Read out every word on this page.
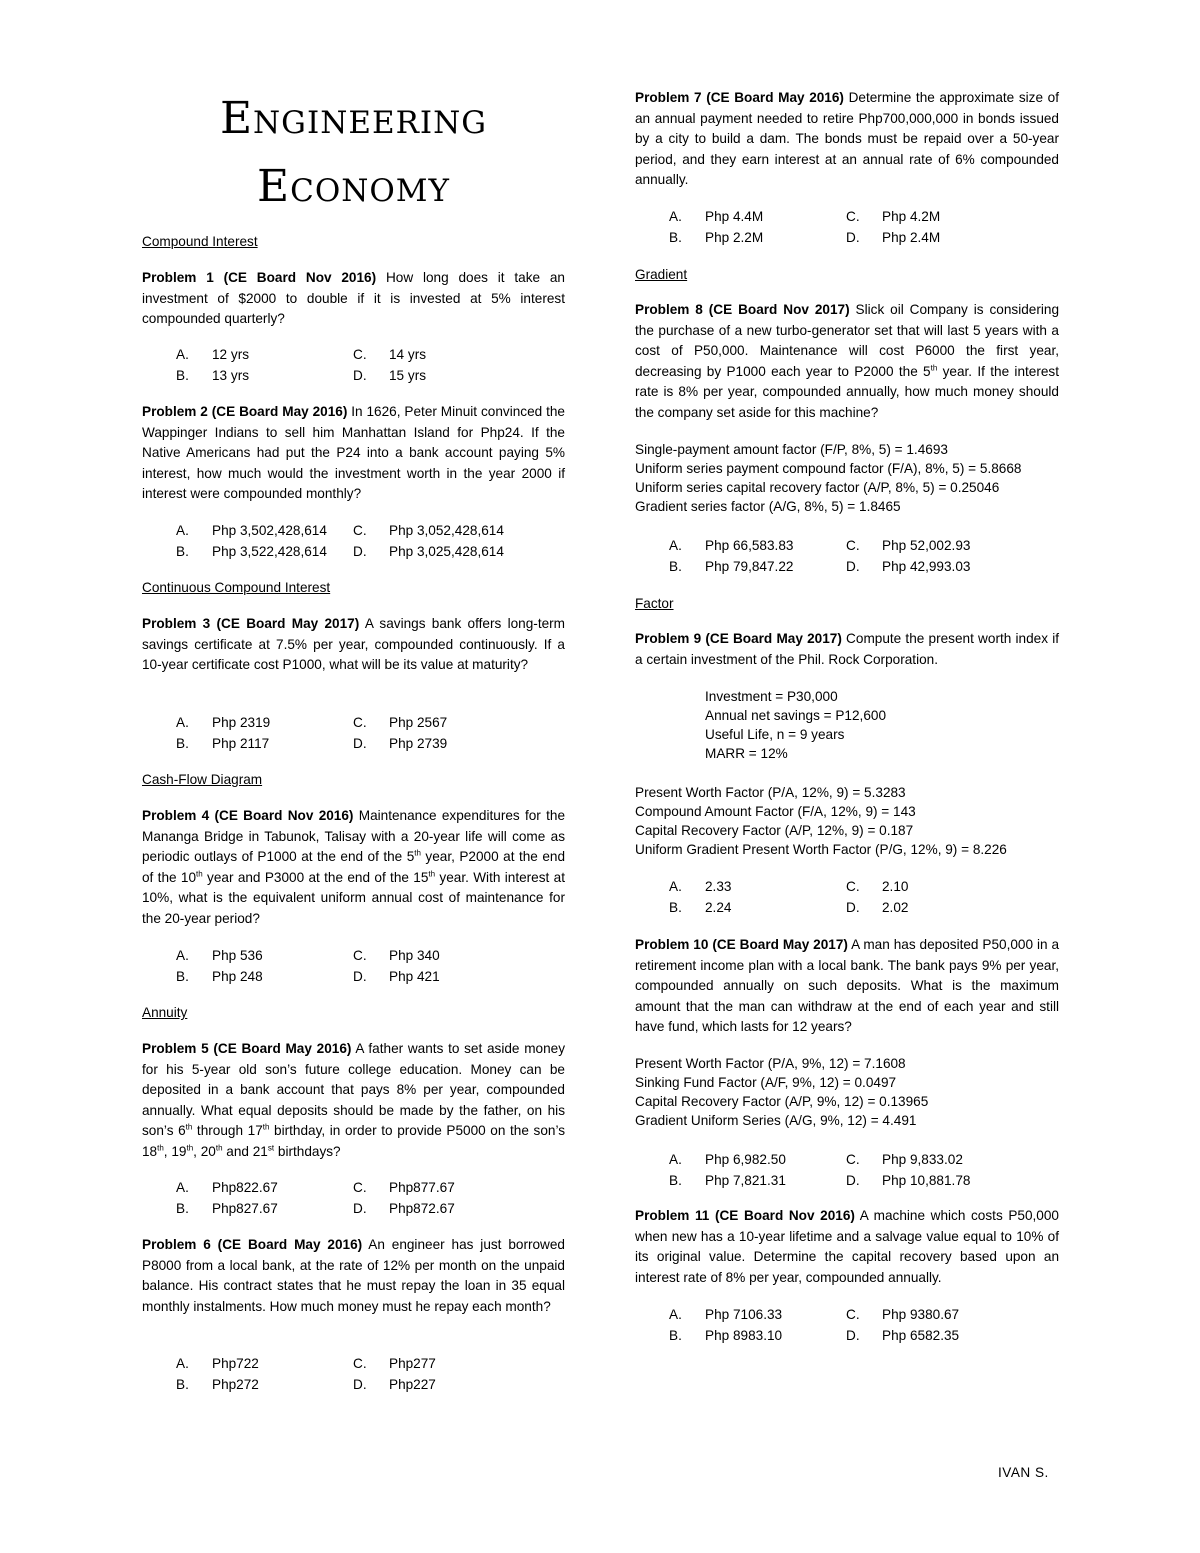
Engineering
Economy
Compound Interest
Problem 1 (CE Board Nov 2016) How long does it take an investment of $2000 to double if it is invested at 5% interest compounded quarterly?
A. 12 yrs	C. 14 yrs
B. 13 yrs	D. 15 yrs
Problem 2 (CE Board May 2016) In 1626, Peter Minuit convinced the Wappinger Indians to sell him Manhattan Island for Php24. If the Native Americans had put the P24 into a bank account paying 5% interest, how much would the investment worth in the year 2000 if interest were compounded monthly?
A. Php 3,502,428,614 C. Php 3,052,428,614
B. Php 3,522,428,614 D. Php 3,025,428,614
Continuous Compound Interest
Problem 3 (CE Board May 2017) A savings bank offers long-term savings certificate at 7.5% per year, compounded continuously. If a 10-year certificate cost P1000, what will be its value at maturity?
A. Php 2319	C. Php 2567
B. Php 2117	D. Php 2739
Cash-Flow Diagram
Problem 4 (CE Board Nov 2016) Maintenance expenditures for the Mananga Bridge in Tabunok, Talisay with a 20-year life will come as periodic outlays of P1000 at the end of the 5th year, P2000 at the end of the 10th year and P3000 at the end of the 15th year. With interest at 10%, what is the equivalent uniform annual cost of maintenance for the 20-year period?
A. Php 536	C. Php 340
B. Php 248	D. Php 421
Annuity
Problem 5 (CE Board May 2016) A father wants to set aside money for his 5-year old son’s future college education. Money can be deposited in a bank account that pays 8% per year, compounded annually. What equal deposits should be made by the father, on his son’s 6th through 17th birthday, in order to provide P5000 on the son’s 18th, 19th, 20th and 21st birthdays?
A. Php822.67	C. Php877.67
B. Php827.67	D. Php872.67
Problem 6 (CE Board May 2016) An engineer has just borrowed P8000 from a local bank, at the rate of 12% per month on the unpaid balance. His contract states that he must repay the loan in 35 equal monthly instalments. How much money must he repay each month?
A. Php722	C. Php277
B. Php272	D. Php227
Problem 7 (CE Board May 2016) Determine the approximate size of an annual payment needed to retire Php700,000,000 in bonds issued by a city to build a dam. The bonds must be repaid over a 50-year period, and they earn interest at an annual rate of 6% compounded annually.
A. Php 4.4M	C. Php 4.2M
B. Php 2.2M	D. Php 2.4M
Gradient
Problem 8 (CE Board Nov 2017) Slick oil Company is considering the purchase of a new turbo-generator set that will last 5 years with a cost of P50,000. Maintenance will cost P6000 the first year, decreasing by P1000 each year to P2000 the 5th year. If the interest rate is 8% per year, compounded annually, how much money should the company set aside for this machine?
Single-payment amount factor (F/P, 8%, 5) = 1.4693
Uniform series payment compound factor (F/A), 8%, 5) = 5.8668
Uniform series capital recovery factor (A/P, 8%, 5) = 0.25046
Gradient series factor (A/G, 8%, 5) = 1.8465
A. Php 66,583.83	C. Php 52,002.93
B. Php 79,847.22	D. Php 42,993.03
Factor
Problem 9 (CE Board May 2017) Compute the present worth index if a certain investment of the Phil. Rock Corporation.
Investment = P30,000
Annual net savings = P12,600
Useful Life, n = 9 years
MARR = 12%
Present Worth Factor (P/A, 12%, 9) = 5.3283
Compound Amount Factor (F/A, 12%, 9) = 143
Capital Recovery Factor (A/P, 12%, 9) = 0.187
Uniform Gradient Present Worth Factor (P/G, 12%, 9) = 8.226
A. 2.33	C. 2.10
B. 2.24	D. 2.02
Problem 10 (CE Board May 2017) A man has deposited P50,000 in a retirement income plan with a local bank. The bank pays 9% per year, compounded annually on such deposits. What is the maximum amount that the man can withdraw at the end of each year and still have fund, which lasts for 12 years?
Present Worth Factor (P/A, 9%, 12) = 7.1608
Sinking Fund Factor (A/F, 9%, 12) = 0.0497
Capital Recovery Factor (A/P, 9%, 12) = 0.13965
Gradient Uniform Series (A/G, 9%, 12) = 4.491
A. Php 6,982.50	C. Php 9,833.02
B. Php 7,821.31	D. Php 10,881.78
Problem 11 (CE Board Nov 2016) A machine which costs P50,000 when new has a 10-year lifetime and a salvage value equal to 10% of its original value. Determine the capital recovery based upon an interest rate of 8% per year, compounded annually.
A. Php 7106.33	C. Php 9380.67
B. Php 8983.10	D. Php 6582.35
IVAN S.
